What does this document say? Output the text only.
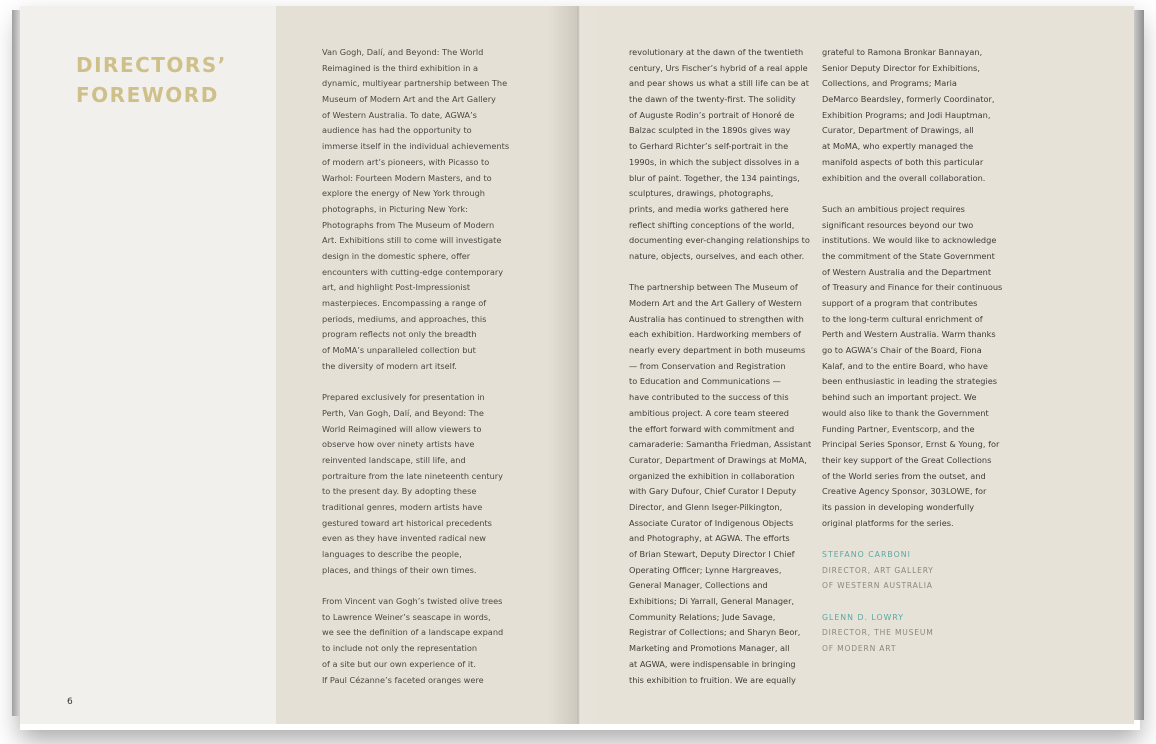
DIRECTORS’
FOREWORD
6
Van Gogh, Dalí, and Beyond: The World
Reimagined is the third exhibition in a
dynamic, multiyear partnership between The
Museum of Modern Art and the Art Gallery
of Western Australia. To date, AGWA’s
audience has had the opportunity to
immerse itself in the individual achievements
of modern art’s pioneers, with Picasso to
Warhol: Fourteen Modern Masters, and to
explore the energy of New York through
photographs, in Picturing New York:
Photographs from The Museum of Modern
Art. Exhibitions still to come will investigate
design in the domestic sphere, offer
encounters with cutting-edge contemporary
art, and highlight Post-Impressionist
masterpieces. Encompassing a range of
periods, mediums, and approaches, this
program reflects not only the breadth
of MoMA’s unparalleled collection but
the diversity of modern art itself.
Prepared exclusively for presentation in
Perth, Van Gogh, Dalí, and Beyond: The
World Reimagined will allow viewers to
observe how over ninety artists have
reinvented landscape, still life, and
portraiture from the late nineteenth century
to the present day. By adopting these
traditional genres, modern artists have
gestured toward art historical precedents
even as they have invented radical new
languages to describe the people,
places, and things of their own times.
From Vincent van Gogh’s twisted olive trees
to Lawrence Weiner’s seascape in words,
we see the definition of a landscape expand
to include not only the representation
of a site but our own experience of it.
If Paul Cézanne’s faceted oranges were
revolutionary at the dawn of the twentieth
century, Urs Fischer’s hybrid of a real apple
and pear shows us what a still life can be at
the dawn of the twenty-first. The solidity
of Auguste Rodin’s portrait of Honoré de
Balzac sculpted in the 1890s gives way
to Gerhard Richter’s self-portrait in the
1990s, in which the subject dissolves in a
blur of paint. Together, the 134 paintings,
sculptures, drawings, photographs,
prints, and media works gathered here
reflect shifting conceptions of the world,
documenting ever-changing relationships to
nature, objects, ourselves, and each other.
The partnership between The Museum of
Modern Art and the Art Gallery of Western
Australia has continued to strengthen with
each exhibition. Hardworking members of
nearly every department in both museums
— from Conservation and Registration
to Education and Communications —
have contributed to the success of this
ambitious project. A core team steered
the effort forward with commitment and
camaraderie: Samantha Friedman, Assistant
Curator, Department of Drawings at MoMA,
organized the exhibition in collaboration
with Gary Dufour, Chief Curator I Deputy
Director, and Glenn Iseger-Pilkington,
Associate Curator of Indigenous Objects
and Photography, at AGWA. The efforts
of Brian Stewart, Deputy Director I Chief
Operating Officer; Lynne Hargreaves,
General Manager, Collections and
Exhibitions; Di Yarrall, General Manager,
Community Relations; Jude Savage,
Registrar of Collections; and Sharyn Beor,
Marketing and Promotions Manager, all
at AGWA, were indispensable in bringing
this exhibition to fruition. We are equally
grateful to Ramona Bronkar Bannayan,
Senior Deputy Director for Exhibitions,
Collections, and Programs; Maria
DeMarco Beardsley, formerly Coordinator,
Exhibition Programs; and Jodi Hauptman,
Curator, Department of Drawings, all
at MoMA, who expertly managed the
manifold aspects of both this particular
exhibition and the overall collaboration.
Such an ambitious project requires
significant resources beyond our two
institutions. We would like to acknowledge
the commitment of the State Government
of Western Australia and the Department
of Treasury and Finance for their continuous
support of a program that contributes
to the long-term cultural enrichment of
Perth and Western Australia. Warm thanks
go to AGWA’s Chair of the Board, Fiona
Kalaf, and to the entire Board, who have
been enthusiastic in leading the strategies
behind such an important project. We
would also like to thank the Government
Funding Partner, Eventscorp, and the
Principal Series Sponsor, Ernst & Young, for
their key support of the Great Collections
of the World series from the outset, and
Creative Agency Sponsor, 303LOWE, for
its passion in developing wonderfully
original platforms for the series.
STEFANO CARBONI
DIRECTOR, ART GALLERY
OF WESTERN AUSTRALIA
GLENN D. LOWRY
DIRECTOR, THE MUSEUM
OF MODERN ART
